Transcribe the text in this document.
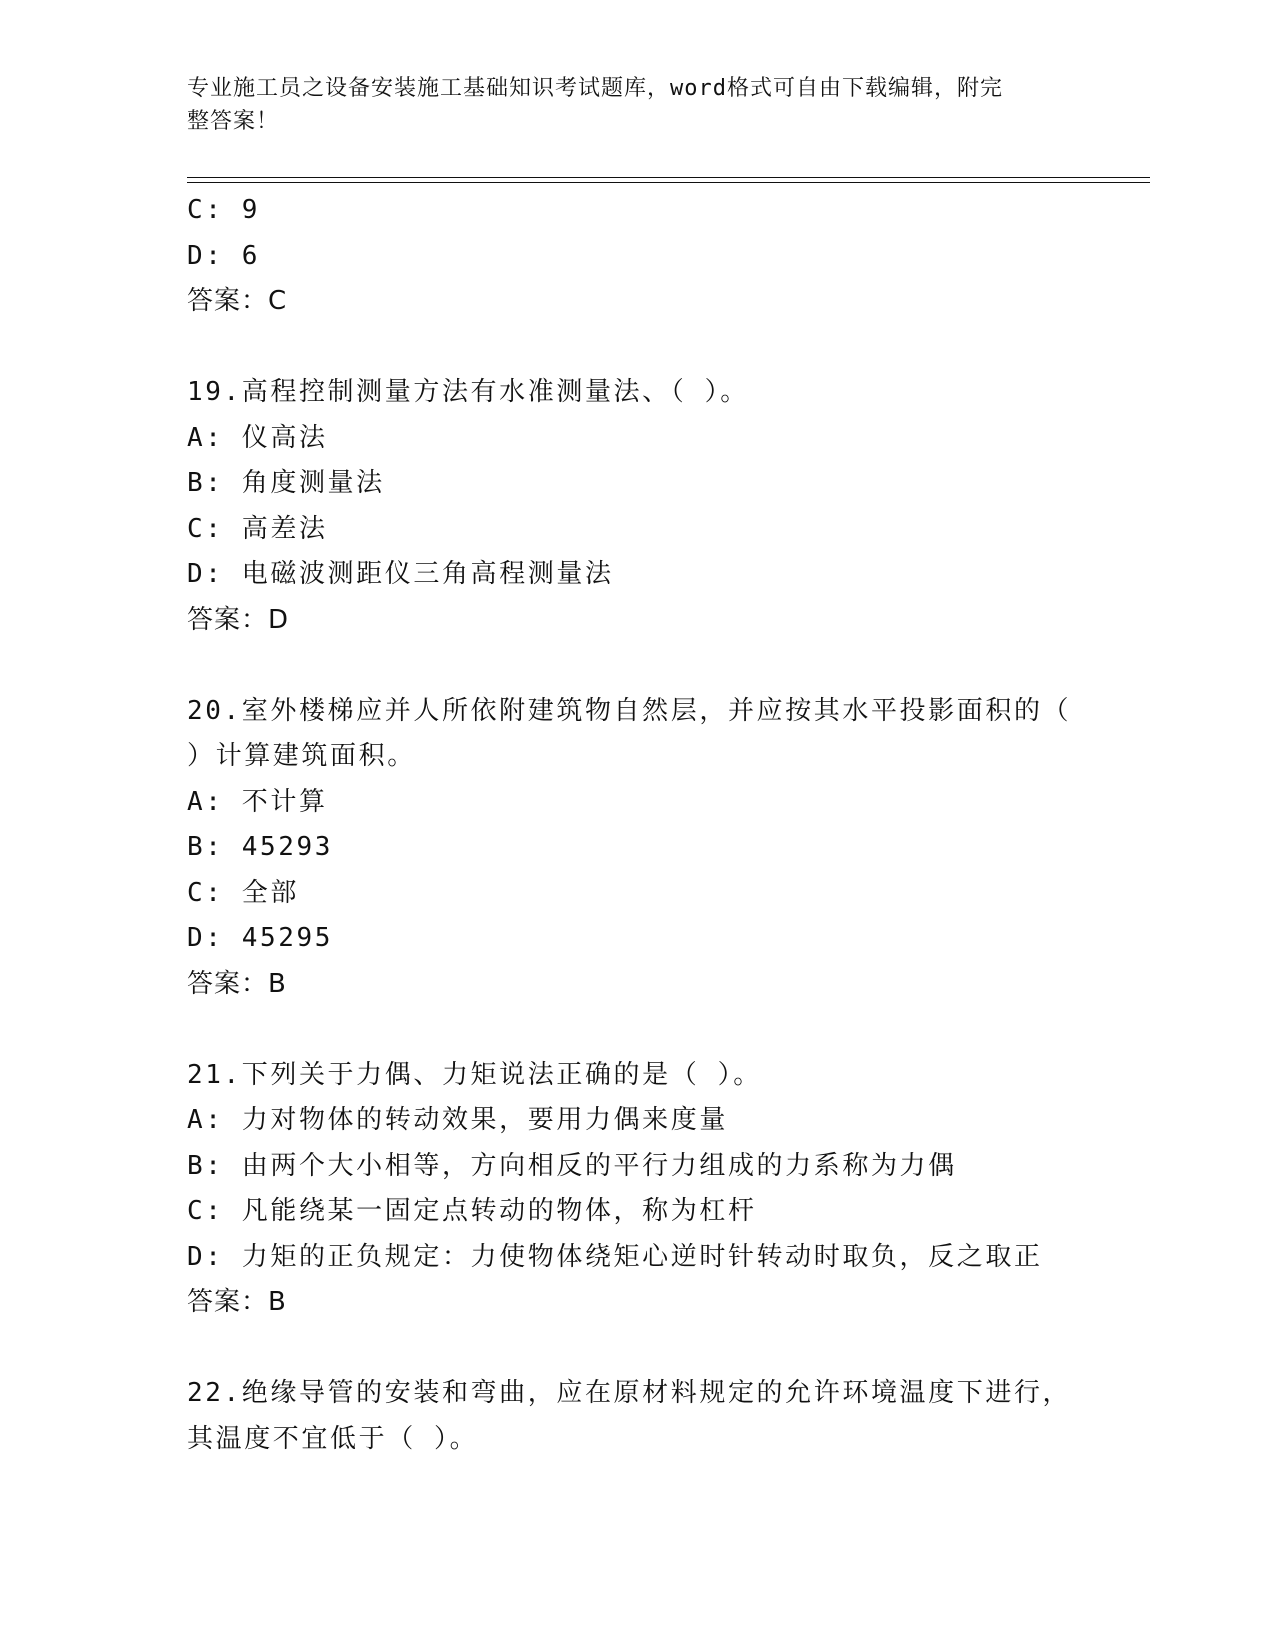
专业施工员之设备安装施工基础知识考试题库，word格式可自由下载编辑，附完
整答案！
C: 9
D: 6
答案：C
19.高程控制测量方法有水准测量法、（ ）。
A: 仪高法
B: 角度测量法
C: 高差法
D: 电磁波测距仪三角高程测量法
答案：D
20.室外楼梯应并人所依附建筑物自然层，并应按其水平投影面积的（
）计算建筑面积。
A: 不计算
B: 45293
C: 全部
D: 45295
答案：B
21.下列关于力偶、力矩说法正确的是（ ）。
A: 力对物体的转动效果，要用力偶来度量
B: 由两个大小相等，方向相反的平行力组成的力系称为力偶
C: 凡能绕某一固定点转动的物体，称为杠杆
D: 力矩的正负规定：力使物体绕矩心逆时针转动时取负，反之取正
答案：B
22.绝缘导管的安装和弯曲，应在原材料规定的允许环境温度下进行，
其温度不宜低于（ ）。
